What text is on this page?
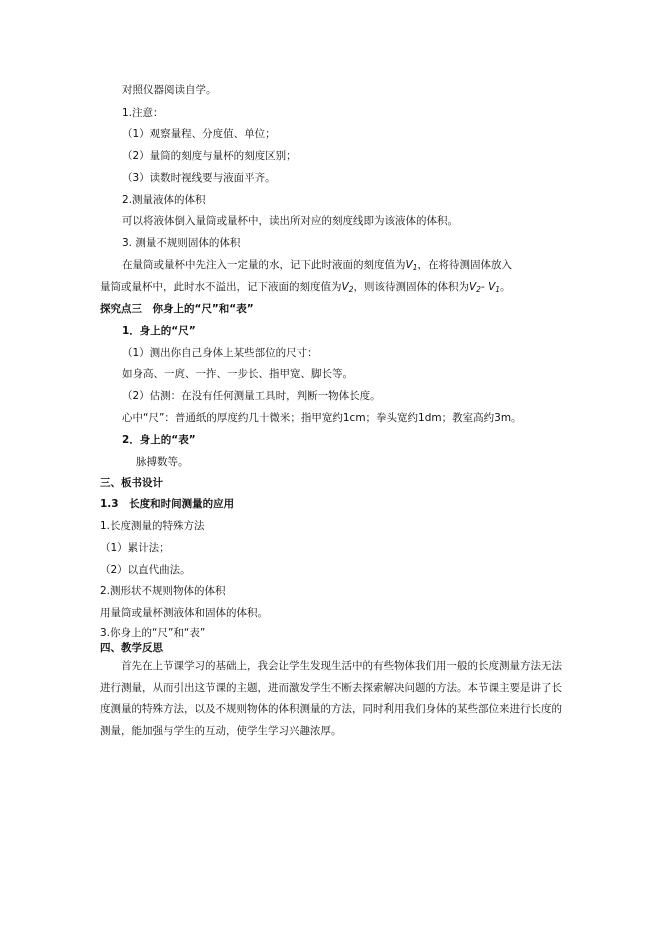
对照仪器阅读自学。
1.注意：
（1）观察量程、分度值、单位；
（2）量筒的刻度与量杯的刻度区别；
（3）读数时视线要与液面平齐。
2.测量液体的体积
可以将液体倒入量筒或量杯中，读出所对应的刻度线即为该液体的体积。
3. 测量不规则固体的体积
在量筒或量杯中先注入一定量的水，记下此时液面的刻度值为$V_1$，在将待测固体放入
量筒或量杯中，此时水不溢出，记下液面的刻度值为$V_2$，则该待测固体的体积为$V_2-$ $V_1$。
探究点三　你身上的“尺”和“表”
1．身上的“尺”
（1）测出你自己身体上某些部位的尺寸：
如身高、一庹、一拃、一步长、指甲宽、脚长等。
（2）估测：在没有任何测量工具时，判断一物体长度。
心中“尺”：普通纸的厚度约几十微米；指甲宽约1cm；拳头宽约1dm；教室高约3m。
2．身上的“表”
脉搏数等。
三、板书设计
1.3　长度和时间测量的应用
1.长度测量的特殊方法
（1）累计法；
（2）以直代曲法。
2.测形状不规则物体的体积
用量筒或量杯测液体和固体的体积。
3.你身上的“尺”和“表”
四、教学反思
首先在上节课学习的基础上，我会让学生发现生活中的有些物体我们用一般的长度测量方法无法进行测量，从而引出这节课的主题，进而激发学生不断去探索解决问题的方法。本节课主要是讲了长度测量的特殊方法，以及不规则物体的体积测量的方法，同时利用我们身体的某些部位来进行长度的测量，能加强与学生的互动，使学生学习兴趣浓厚。
